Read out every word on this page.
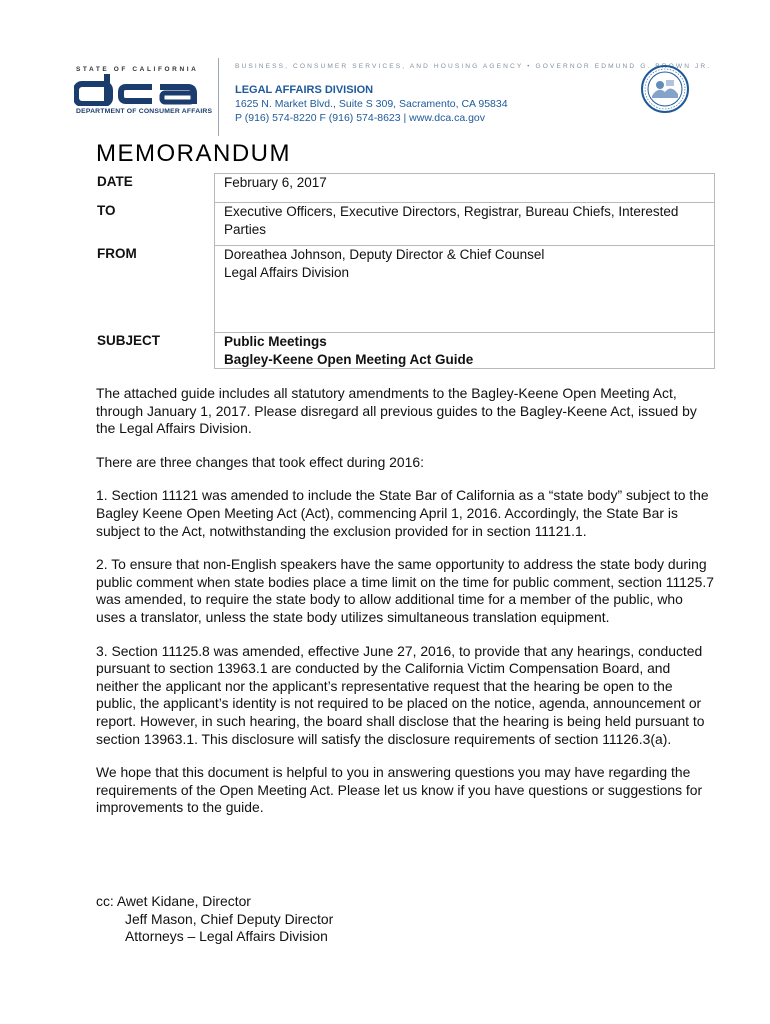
STATE OF CALIFORNIA
DEPARTMENT OF CONSUMER AFFAIRS
BUSINESS, CONSUMER SERVICES, AND HOUSING AGENCY • GOVERNOR EDMUND G. BROWN JR.
LEGAL AFFAIRS DIVISION
1625 N. Market Blvd., Suite S 309, Sacramento, CA 95834
P (916) 574-8220 F (916) 574-8623 | www.dca.ca.gov
MEMORANDUM
DATE	February 6, 2017
TO	Executive Officers, Executive Directors, Registrar, Bureau Chiefs, Interested Parties
FROM	Doreathea Johnson, Deputy Director & Chief Counsel
Legal Affairs Division

SUBJECT	Public Meetings
Bagley-Keene Open Meeting Act Guide

The attached guide includes all statutory amendments to the Bagley-Keene Open Meeting Act, through January 1, 2017. Please disregard all previous guides to the Bagley-Keene Act, issued by the Legal Affairs Division.

There are three changes that took effect during 2016:

1. Section 11121 was amended to include the State Bar of California as a “state body” subject to the Bagley Keene Open Meeting Act (Act), commencing April 1, 2016. Accordingly, the State Bar is subject to the Act, notwithstanding the exclusion provided for in section 11121.1.

2. To ensure that non-English speakers have the same opportunity to address the state body during public comment when state bodies place a time limit on the time for public comment, section 11125.7 was amended, to require the state body to allow additional time for a member of the public, who uses a translator, unless the state body utilizes simultaneous translation equipment.

3. Section 11125.8 was amended, effective June 27, 2016, to provide that any hearings, conducted pursuant to section 13963.1 are conducted by the California Victim Compensation Board, and neither the applicant nor the applicant’s representative request that the hearing be open to the public, the applicant’s identity is not required to be placed on the notice, agenda, announcement or report. However, in such hearing, the board shall disclose that the hearing is being held pursuant to section 13963.1. This disclosure will satisfy the disclosure requirements of section 11126.3(a).

We hope that this document is helpful to you in answering questions you may have regarding the requirements of the Open Meeting Act. Please let us know if you have questions or suggestions for improvements to the guide.

cc: Awet Kidane, Director
Jeff Mason, Chief Deputy Director
Attorneys – Legal Affairs Division
